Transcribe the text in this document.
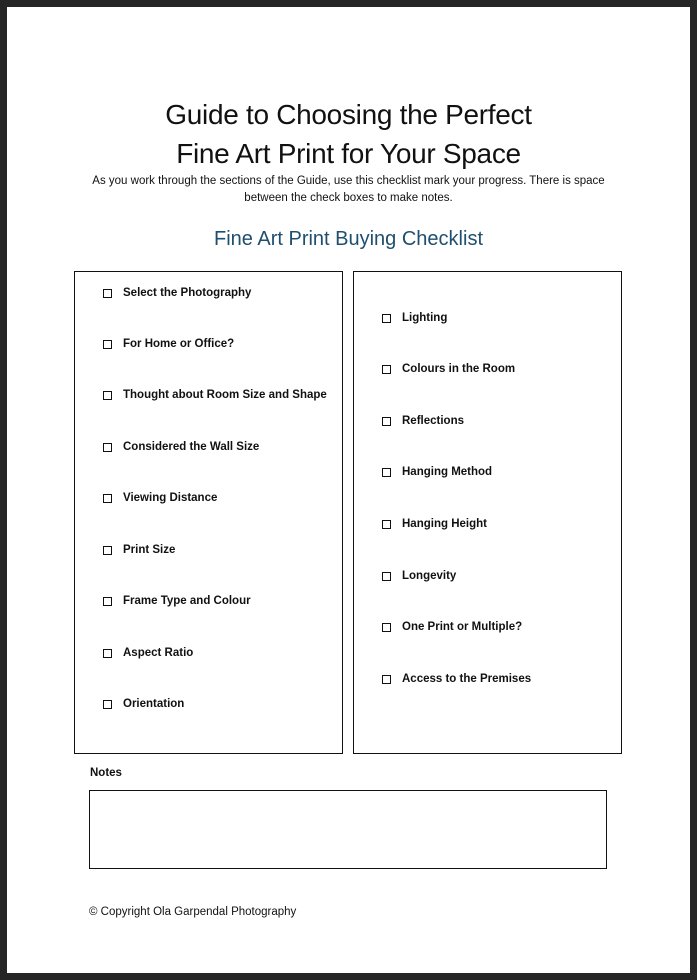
Guide to Choosing the Perfect
Fine Art Print for Your Space
As you work through the sections of the Guide, use this checklist mark your progress. There is space between the check boxes to make notes.
Fine Art Print Buying Checklist
Select the Photography
For Home or Office?
Thought about Room Size and Shape
Considered the Wall Size
Viewing Distance
Print Size
Frame Type and Colour
Aspect Ratio
Orientation
Lighting
Colours in the Room
Reflections
Hanging Method
Hanging Height
Longevity
One Print or Multiple?
Access to the Premises
Notes
© Copyright Ola Garpendal Photography
